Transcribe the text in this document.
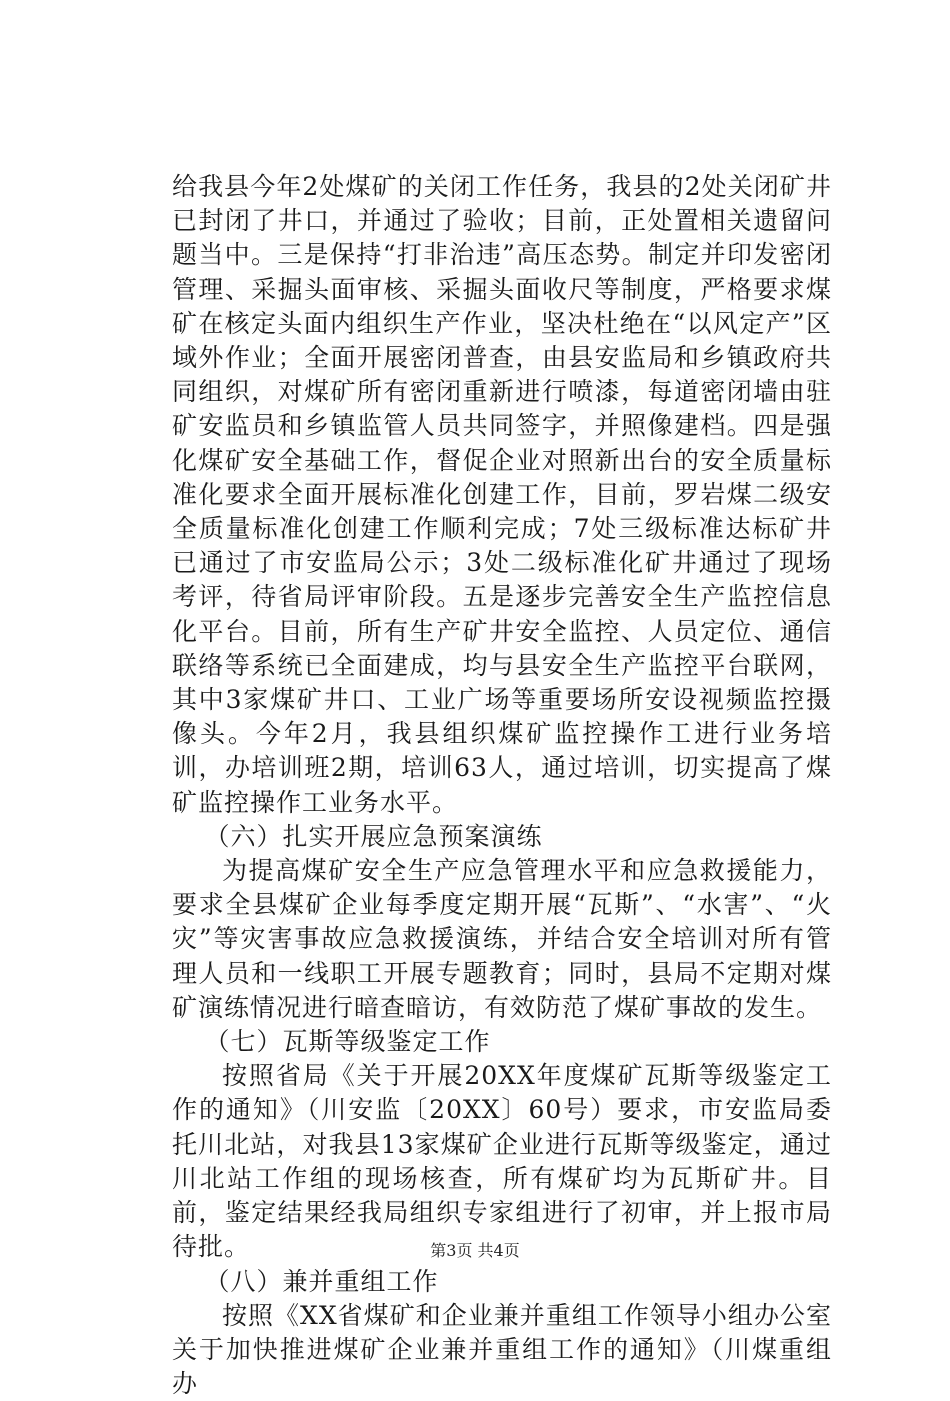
给我县今年2处煤矿的关闭工作任务，我县的2处关闭矿井已封闭了井口，并通过了验收；目前，正处置相关遗留问题当中。三是保持“打非治违”高压态势。制定并印发密闭管理、采掘头面审核、采掘头面收尺等制度，严格要求煤矿在核定头面内组织生产作业，坚决杜绝在“以风定产”区域外作业；全面开展密闭普查，由县安监局和乡镇政府共同组织，对煤矿所有密闭重新进行喷漆，每道密闭墙由驻矿安监员和乡镇监管人员共同签字，并照像建档。四是强化煤矿安全基础工作，督促企业对照新出台的安全质量标准化要求全面开展标准化创建工作，目前，罗岩煤二级安全质量标准化创建工作顺利完成；7处三级标准达标矿井已通过了市安监局公示；3处二级标准化矿井通过了现场考评，待省局评审阶段。五是逐步完善安全生产监控信息化平台。目前，所有生产矿井安全监控、人员定位、通信联络等系统已全面建成，均与县安全生产监控平台联网，其中3家煤矿井口、工业广场等重要场所安设视频监控摄像头。今年2月，我县组织煤矿监控操作工进行业务培训，办培训班2期，培训63人，通过培训，切实提高了煤矿监控操作工业务水平。

（六）扎实开展应急预案演练

为提高煤矿安全生产应急管理水平和应急救援能力，要求全县煤矿企业每季度定期开展“瓦斯”、“水害”、“火灾”等灾害事故应急救援演练，并结合安全培训对所有管理人员和一线职工开展专题教育；同时，县局不定期对煤矿演练情况进行暗查暗访，有效防范了煤矿事故的发生。

（七）瓦斯等级鉴定工作

按照省局《关于开展20XX年度煤矿瓦斯等级鉴定工作的通知》（川安监〔20XX〕60号）要求，市安监局委托川北站，对我县13家煤矿企业进行瓦斯等级鉴定，通过川北站工作组的现场核查，所有煤矿均为瓦斯矿井。目前，鉴定结果经我局组织专家组进行了初审，并上报市局待批。

（八）兼并重组工作

按照《XX省煤矿和企业兼并重组工作领导小组办公室关于加快推进煤矿企业兼并重组工作的通知》（川煤重组办

第3页 共4页
